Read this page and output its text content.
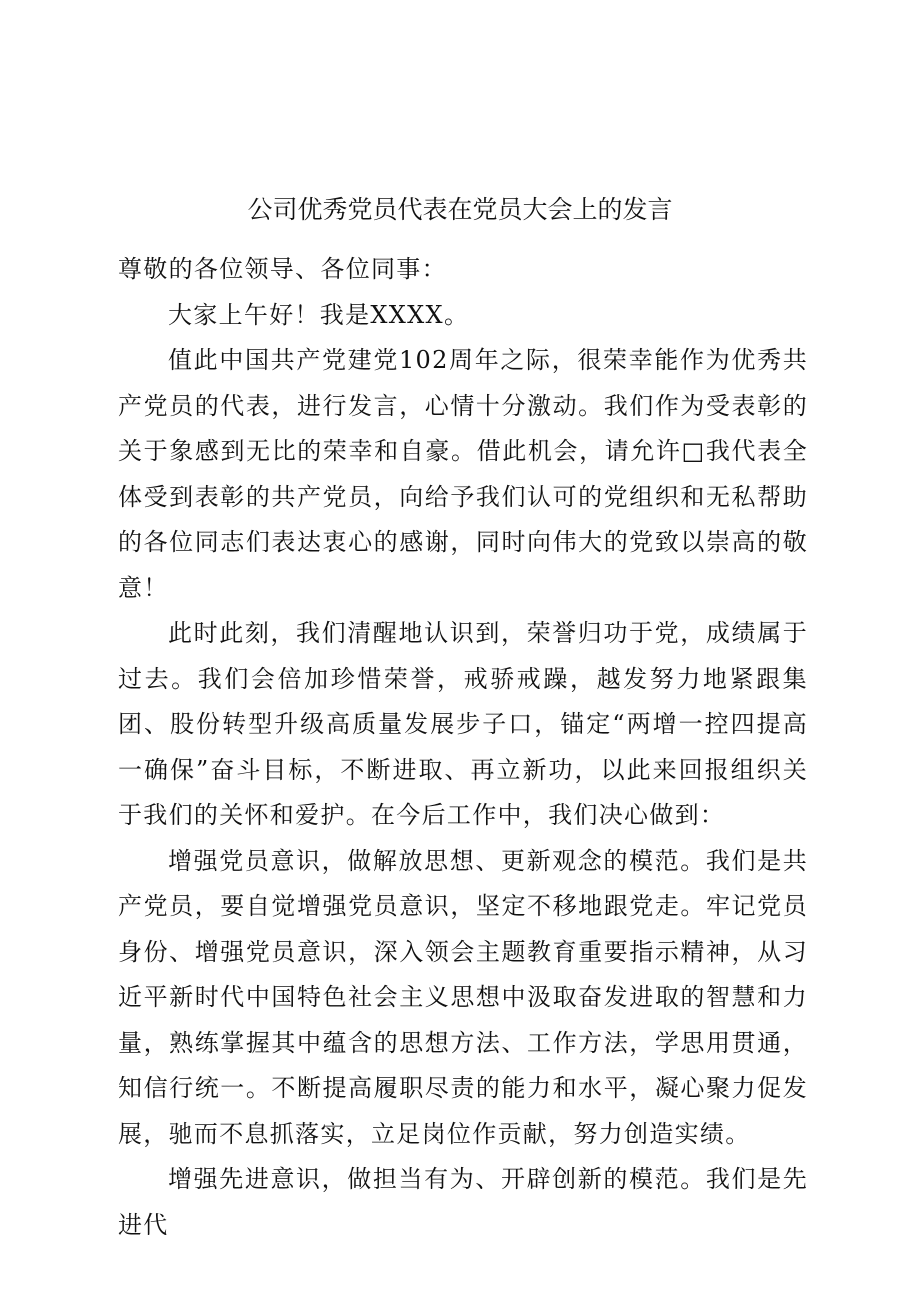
公司优秀党员代表在党员大会上的发言

尊敬的各位领导、各位同事：

大家上午好！我是XXXX。

值此中国共产党建党102周年之际，很荣幸能作为优秀共产党员的代表，进行发言，心情十分激动。我们作为受表彰的关于象感到无比的荣幸和自豪。借此机会，请允许□我代表全体受到表彰的共产党员，向给予我们认可的党组织和无私帮助的各位同志们表达衷心的感谢，同时向伟大的党致以崇高的敬意！

此时此刻，我们清醒地认识到，荣誉归功于党，成绩属于过去。我们会倍加珍惜荣誉，戒骄戒躁，越发努力地紧跟集团、股份转型升级高质量发展步子口，锚定“两增一控四提高一确保”奋斗目标，不断进取、再立新功，以此来回报组织关于我们的关怀和爱护。在今后工作中，我们决心做到：

增强党员意识，做解放思想、更新观念的模范。我们是共产党员，要自觉增强党员意识，坚定不移地跟党走。牢记党员身份、增强党员意识，深入领会主题教育重要指示精神，从习近平新时代中国特色社会主义思想中汲取奋发进取的智慧和力量，熟练掌握其中蕴含的思想方法、工作方法，学思用贯通，知信行统一。不断提高履职尽责的能力和水平，凝心聚力促发展，驰而不息抓落实，立足岗位作贡献，努力创造实绩。

增强先进意识，做担当有为、开辟创新的模范。我们是先进代
